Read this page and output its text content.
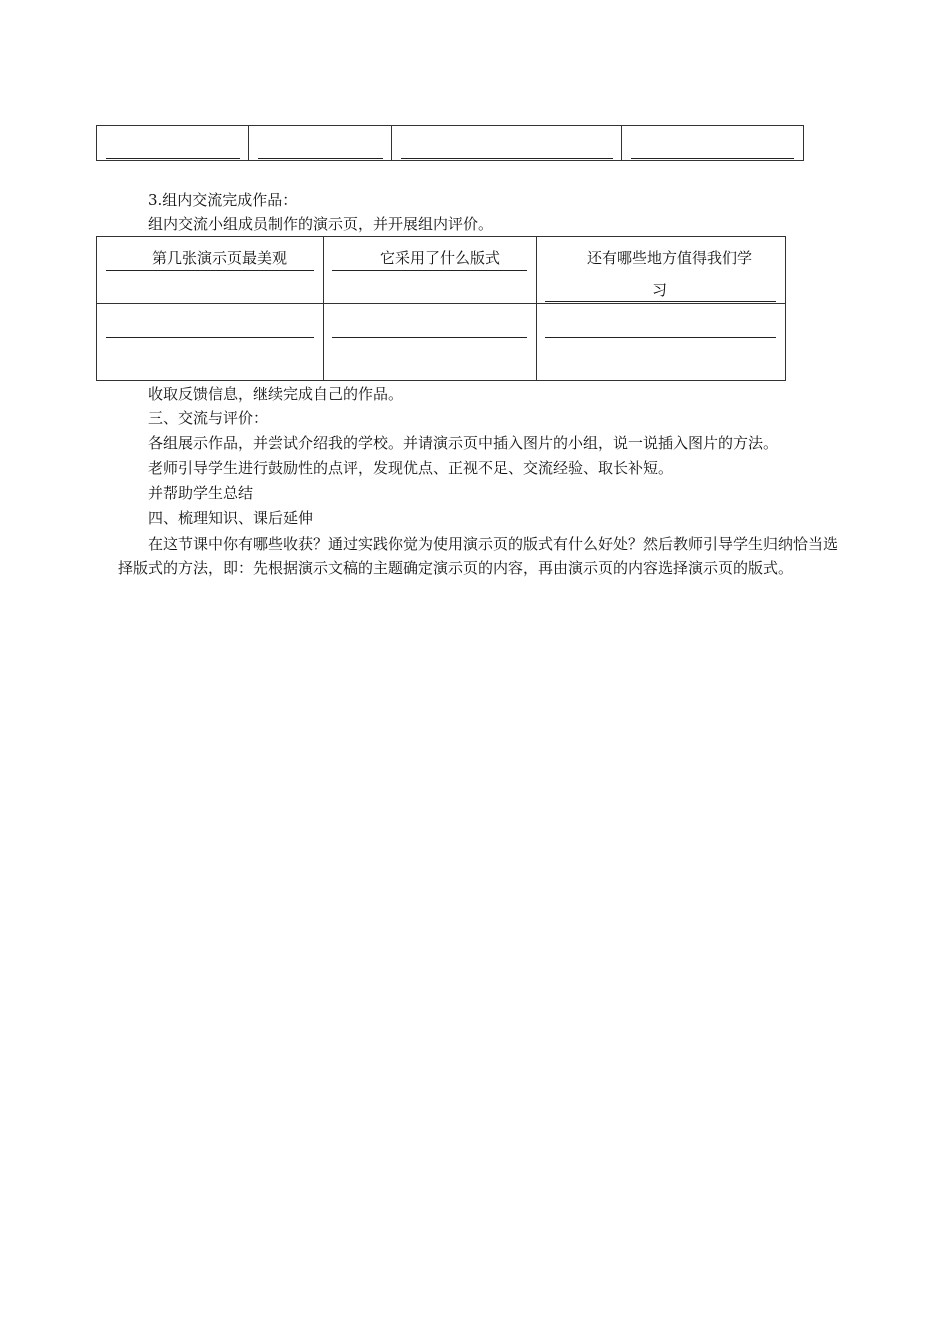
3.组内交流完成作品：
组内交流小组成员制作的演示页，并开展组内评价。
第几张演示页最美观	它采用了什么版式	还有哪些地方值得我们学
习
收取反馈信息，继续完成自己的作品。
三、交流与评价：
各组展示作品，并尝试介绍我的学校。并请演示页中插入图片的小组，说一说插入图片的方法。
老师引导学生进行鼓励性的点评，发现优点、正视不足、交流经验、取长补短。
并帮助学生总结
四、梳理知识、课后延伸
在这节课中你有哪些收获？通过实践你觉为使用演示页的版式有什么好处？然后教师引导学生归纳恰当选择版式的方法，即：先根据演示文稿的主题确定演示页的内容，再由演示页的内容选择演示页的版式。
